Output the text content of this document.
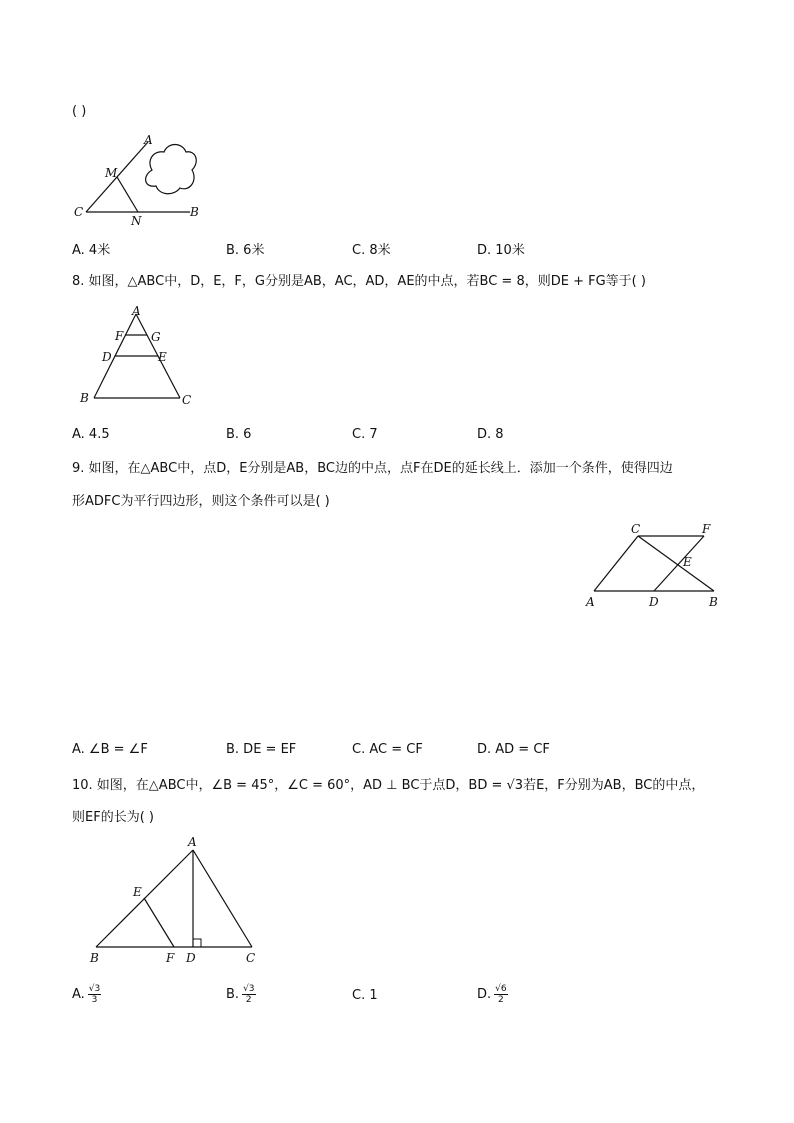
( )
A
M
C
N
B
A. 4米	B. 6米	C. 8米	D. 10米
8. 如图，△ABC中，D，E，F，G分别是AB，AC，AD，AE的中点，若BC = 8，则DE + FG等于( )
A
F G
D	E
B	C
A. 4.5	B. 6	C. 7	D. 8
9. 如图，在△ABC中，点D，E分别是AB，BC边的中点，点F在DE的延长线上．添加一个条件，使得四边
形ADFC为平行四边形，则这个条件可以是( )
C	F
E
A	D	B
A. ∠B = ∠F	B. DE = EF	C. AC = CF	D. AD = CF
10. 如图，在△ABC中，∠B = 45°，∠C = 60°，AD ⊥ BC于点D，BD = √3若E，F分别为AB，BC的中点，
则EF的长为( )
A
E
B	F D	C
A. $\frac{√3}{3}$	B. $\frac{√3}{2}$	C. 1	D. $\frac{√6}{2}$
